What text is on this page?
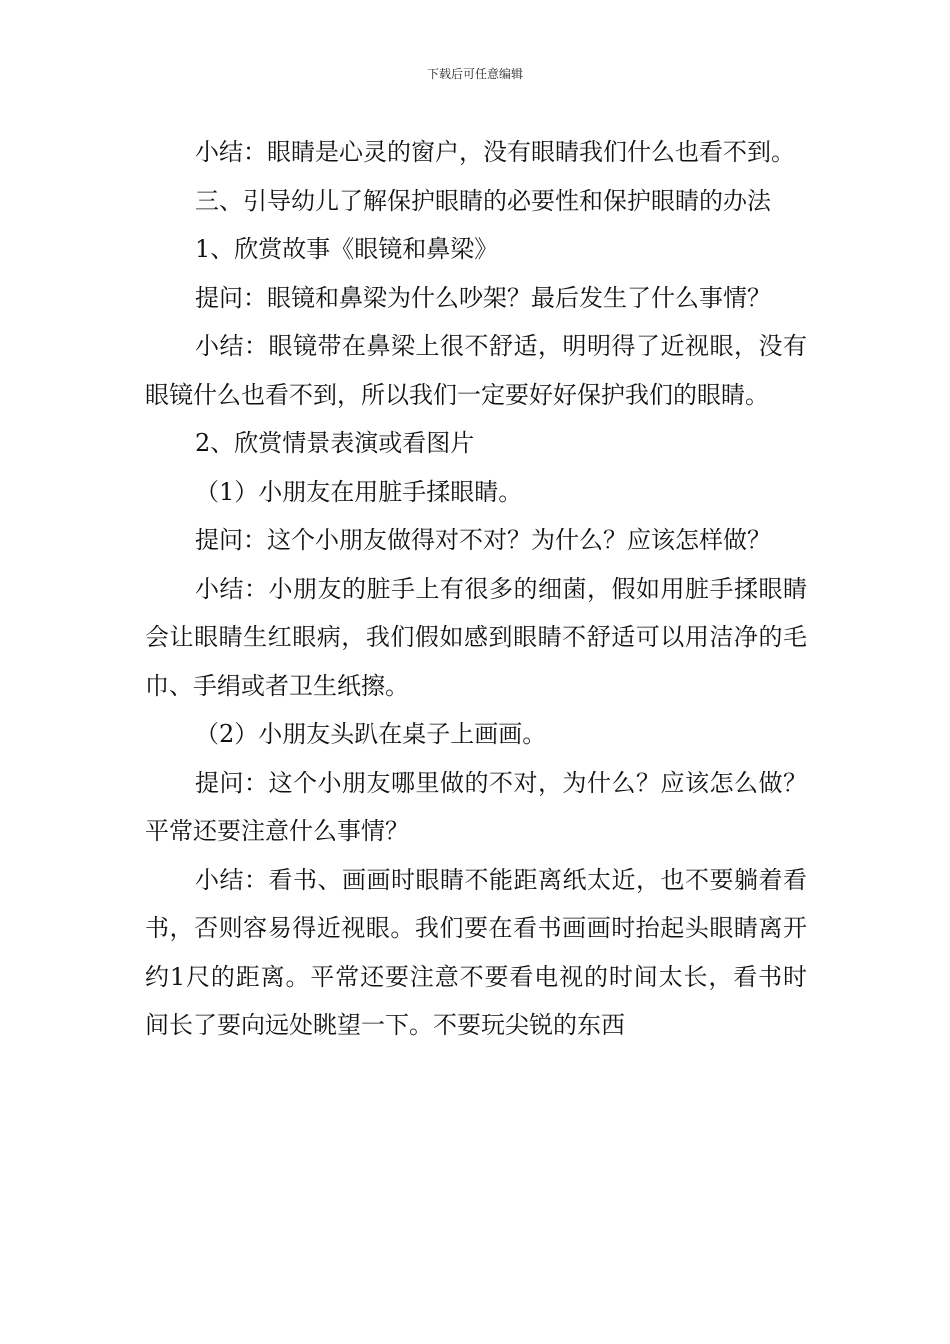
下载后可任意编辑

小结：眼睛是心灵的窗户，没有眼睛我们什么也看不到。

三、引导幼儿了解保护眼睛的必要性和保护眼睛的办法

1、欣赏故事《眼镜和鼻梁》

提问：眼镜和鼻梁为什么吵架？最后发生了什么事情？

小结：眼镜带在鼻梁上很不舒适，明明得了近视眼，没有眼镜什么也看不到，所以我们一定要好好保护我们的眼睛。

2、欣赏情景表演或看图片

（1）小朋友在用脏手揉眼睛。

提问：这个小朋友做得对不对？为什么？应该怎样做？

小结：小朋友的脏手上有很多的细菌，假如用脏手揉眼睛会让眼睛生红眼病，我们假如感到眼睛不舒适可以用洁净的毛巾、手绢或者卫生纸擦。

（2）小朋友头趴在桌子上画画。

提问：这个小朋友哪里做的不对，为什么？应该怎么做？平常还要注意什么事情？

小结：看书、画画时眼睛不能距离纸太近，也不要躺着看书，否则容易得近视眼。我们要在看书画画时抬起头眼睛离开约1尺的距离。平常还要注意不要看电视的时间太长，看书时间长了要向远处眺望一下。不要玩尖锐的东西
